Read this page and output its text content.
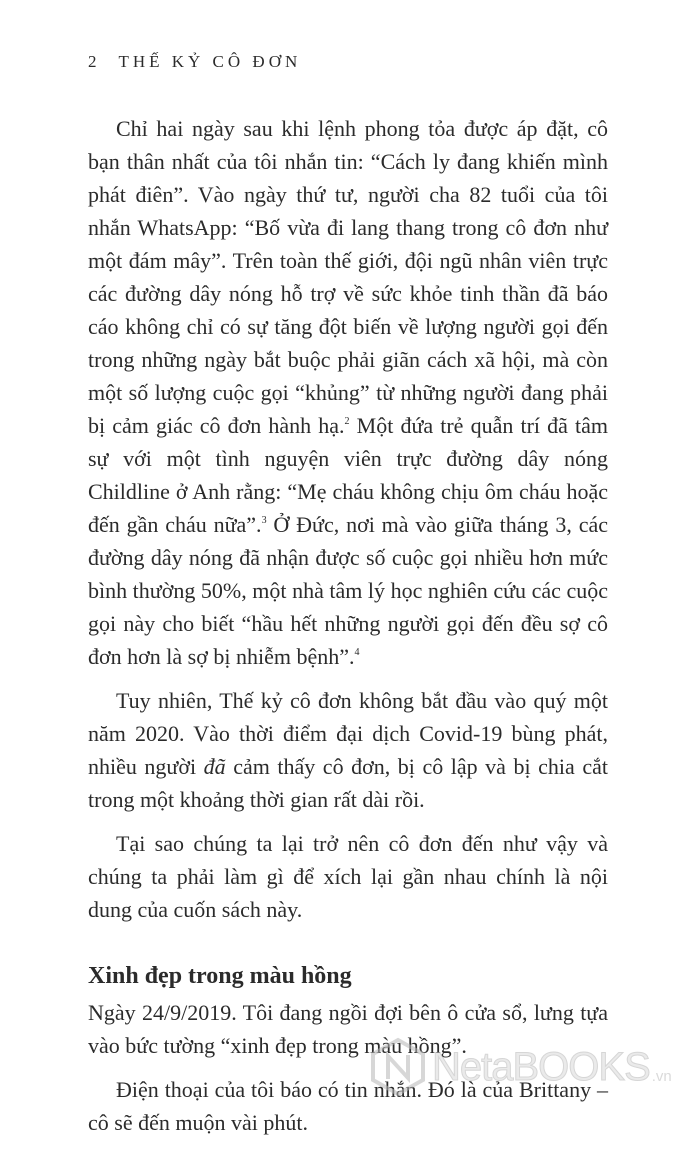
2 THẾ KỶ CÔ ĐƠN

Chỉ hai ngày sau khi lệnh phong tỏa được áp đặt, cô bạn thân nhất của tôi nhắn tin: “Cách ly đang khiến mình phát điên”. Vào ngày thứ tư, người cha 82 tuổi của tôi nhắn WhatsApp: “Bố vừa đi lang thang trong cô đơn như một đám mây”. Trên toàn thế giới, đội ngũ nhân viên trực các đường dây nóng hỗ trợ về sức khỏe tinh thần đã báo cáo không chỉ có sự tăng đột biến về lượng người gọi đến trong những ngày bắt buộc phải giãn cách xã hội, mà còn một số lượng cuộc gọi “khủng” từ những người đang phải bị cảm giác cô đơn hành hạ.$^2$ Một đứa trẻ quẫn trí đã tâm sự với một tình nguyện viên trực đường dây nóng Childline ở Anh rằng: “Mẹ cháu không chịu ôm cháu hoặc đến gần cháu nữa”.$^3$ Ở Đức, nơi mà vào giữa tháng 3, các đường dây nóng đã nhận được số cuộc gọi nhiều hơn mức bình thường 50%, một nhà tâm lý học nghiên cứu các cuộc gọi này cho biết “hầu hết những người gọi đến đều sợ cô đơn hơn là sợ bị nhiễm bệnh”.$^4$

Tuy nhiên, Thế kỷ cô đơn không bắt đầu vào quý một năm 2020. Vào thời điểm đại dịch Covid-19 bùng phát, nhiều người đã cảm thấy cô đơn, bị cô lập và bị chia cắt trong một khoảng thời gian rất dài rồi.

Tại sao chúng ta lại trở nên cô đơn đến như vậy và chúng ta phải làm gì để xích lại gần nhau chính là nội dung của cuốn sách này.

Xinh đẹp trong màu hồng

Ngày 24/9/2019. Tôi đang ngồi đợi bên ô cửa sổ, lưng tựa vào bức tường “xinh đẹp trong màu hồng”.

Điện thoại của tôi báo có tin nhắn. Đó là của Brittany – cô sẽ đến muộn vài phút.

NetaBOOKS .vn
